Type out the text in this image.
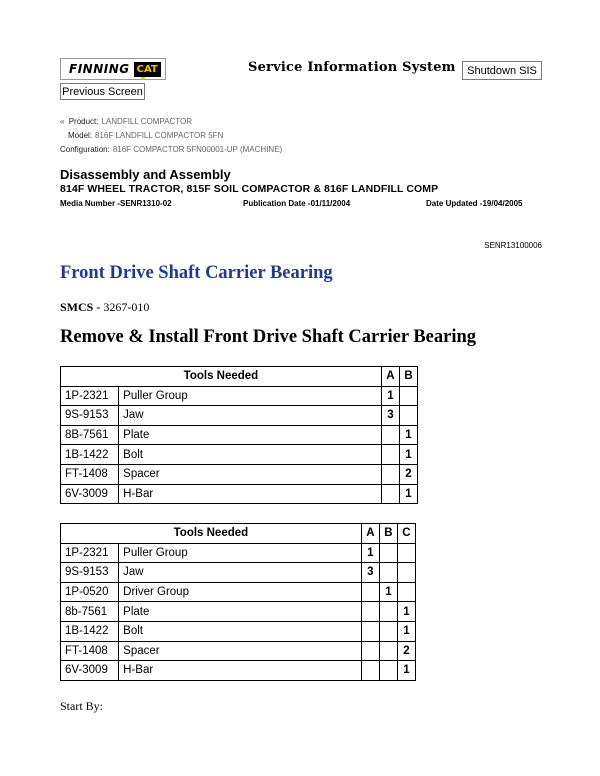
FINNING CAT	Service Information System	Shutdown SIS
Previous Screen
« Product: LANDFILL COMPACTOR
Model: 816F LANDFILL COMPACTOR 5FN
Configuration: 816F COMPACTOR 5FN00001-UP (MACHINE)
Disassembly and Assembly
814F WHEEL TRACTOR, 815F SOIL COMPACTOR & 816F LANDFILL COMP
Media Number -SENR1310-02	Publication Date -01/11/2004	Date Updated -19/04/2005
SENR13100006
Front Drive Shaft Carrier Bearing
SMCS - 3267-010
Remove & Install Front Drive Shaft Carrier Bearing
Tools Needed		A	B
1P-2321	Puller Group	1	
9S-9153	Jaw	3	
8B-7561	Plate		1
1B-1422	Bolt		1
FT-1408	Spacer		2
6V-3009	H-Bar		1
Tools Needed		A	B	C
1P-2321	Puller Group	1		
9S-9153	Jaw	3		
1P-0520	Driver Group		1	
8b-7561	Plate			1
1B-1422	Bolt			1
FT-1408	Spacer			2
6V-3009	H-Bar			1
Start By:
